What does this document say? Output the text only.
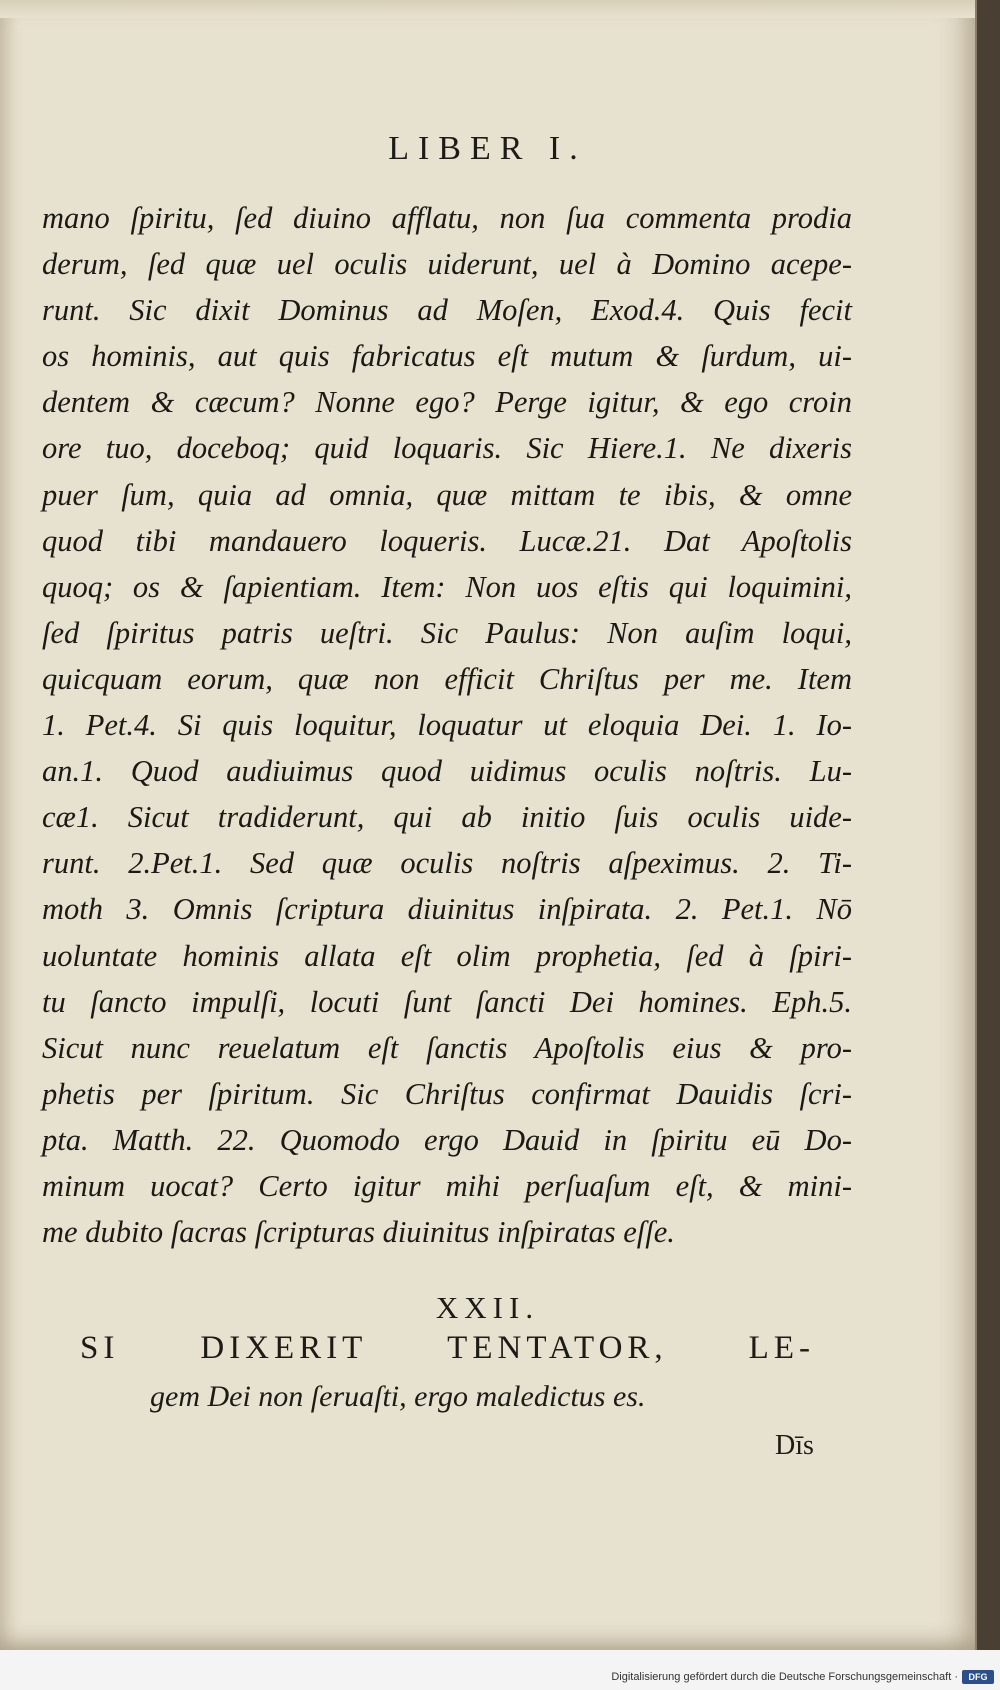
LIBER I.
mano ſpiritu, ſed diuino afflatu, non ſua commenta prodia
derum, ſed quæ uel oculis uiderunt, uel à Domino acepe-
runt. Sic dixit Dominus ad Moſen, Exod.4. Quis fecit
os hominis, aut quis fabricatus eſt mutum & ſurdum, ui-
dentem & cæcum? Nonne ego? Perge igitur, & ego croin
ore tuo, doceboq; quid loquaris. Sic Hiere.1. Ne dixeris
puer ſum, quia ad omnia, quæ mittam te ibis, & omne
quod tibi mandauero loqueris. Lucæ.21. Dat Apoſtolis
quoq; os & ſapientiam. Item: Non uos eſtis qui loquimini,
ſed ſpiritus patris ueſtri. Sic Paulus: Non auſim loqui,
quicquam eorum, quæ non efficit Chriſtus per me. Item
1. Pet.4. Si quis loquitur, loquatur ut eloquia Dei. 1. Io-
an.1. Quod audiuimus quod uidimus oculis noſtris. Lu-
cæ1. Sicut tradiderunt, qui ab initio ſuis oculis uide-
runt. 2.Pet.1. Sed quæ oculis noſtris aſpeximus. 2. Ti-
moth 3. Omnis ſcriptura diuinitus inſpirata. 2. Pet.1. Nō
uoluntate hominis allata eſt olim prophetia, ſed à ſpiri-
tu ſancto impulſi, locuti ſunt ſancti Dei homines. Eph.5.
Sicut nunc reuelatum eſt ſanctis Apoſtolis eius & pro-
phetis per ſpiritum. Sic Chriſtus confirmat Dauidis ſcri-
pta. Matth. 22. Quomodo ergo Dauid in ſpiritu eū Do-
minum uocat? Certo igitur mihi perſuaſum eſt, & mini-
me dubito ſacras ſcripturas diuinitus inſpiratas eſſe.
XXII.
SI DIXERIT TENTATOR, LE-
gem Dei non ſeruaſti, ergo maledictus es.
Dīs
Digitalisierung gefördert durch die Deutsche Forschungsgemeinschaft ·	DFG
